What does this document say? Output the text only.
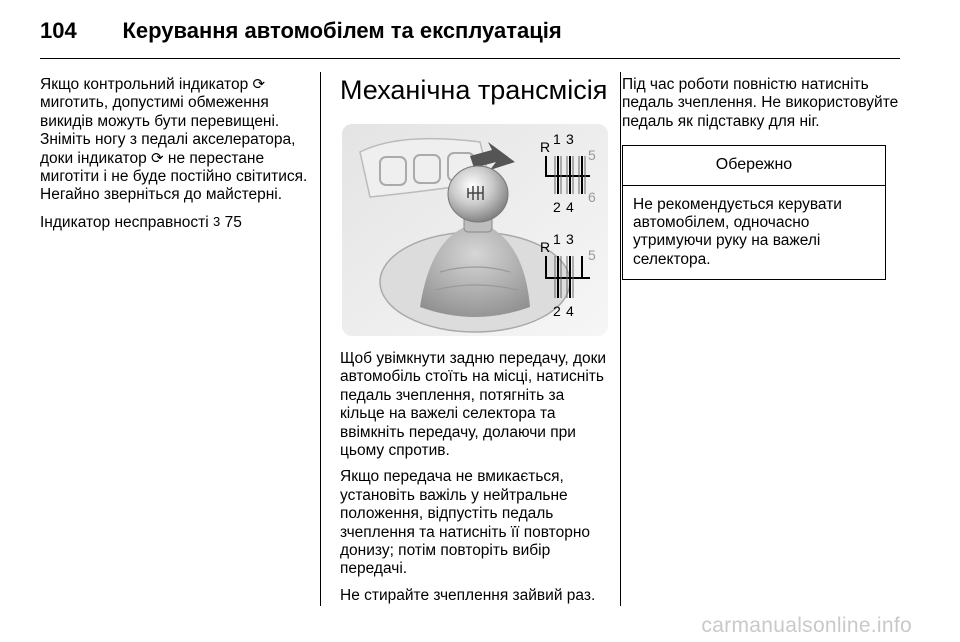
104 Керування автомобілем та експлуатація

Якщо контрольний індикатор ⟳ миготить, допустимі обмеження викидів можуть бути перевищені. Зніміть ногу з педалі акселератора, доки індикатор ⟳ не перестане миготіти і не буде постійно світитися. Негайно зверніться до майстерні.

Індикатор несправності 3 75

Механічна трансмісія
R 1 3
5
2 4
6
R 1 3
5
2 4

Щоб увімкнути задню передачу, доки автомобіль стоїть на місці, натисніть педаль зчеплення, потягніть за кільце на важелі селектора та ввімкніть передачу, долаючи при цьому спротив.

Якщо передача не вмикається, установіть важіль у нейтральне положення, відпустіть педаль зчеплення та натисніть її повторно донизу; потім повторіть вибір передачі.

Не стирайте зчеплення зайвий раз.

Під час роботи повністю натисніть педаль зчеплення. Не використовуйте педаль як підставку для ніг.

Обережно
Не рекомендується керувати автомобілем, одночасно утримуючи руку на важелі селектора.
carmanualsonline.info
